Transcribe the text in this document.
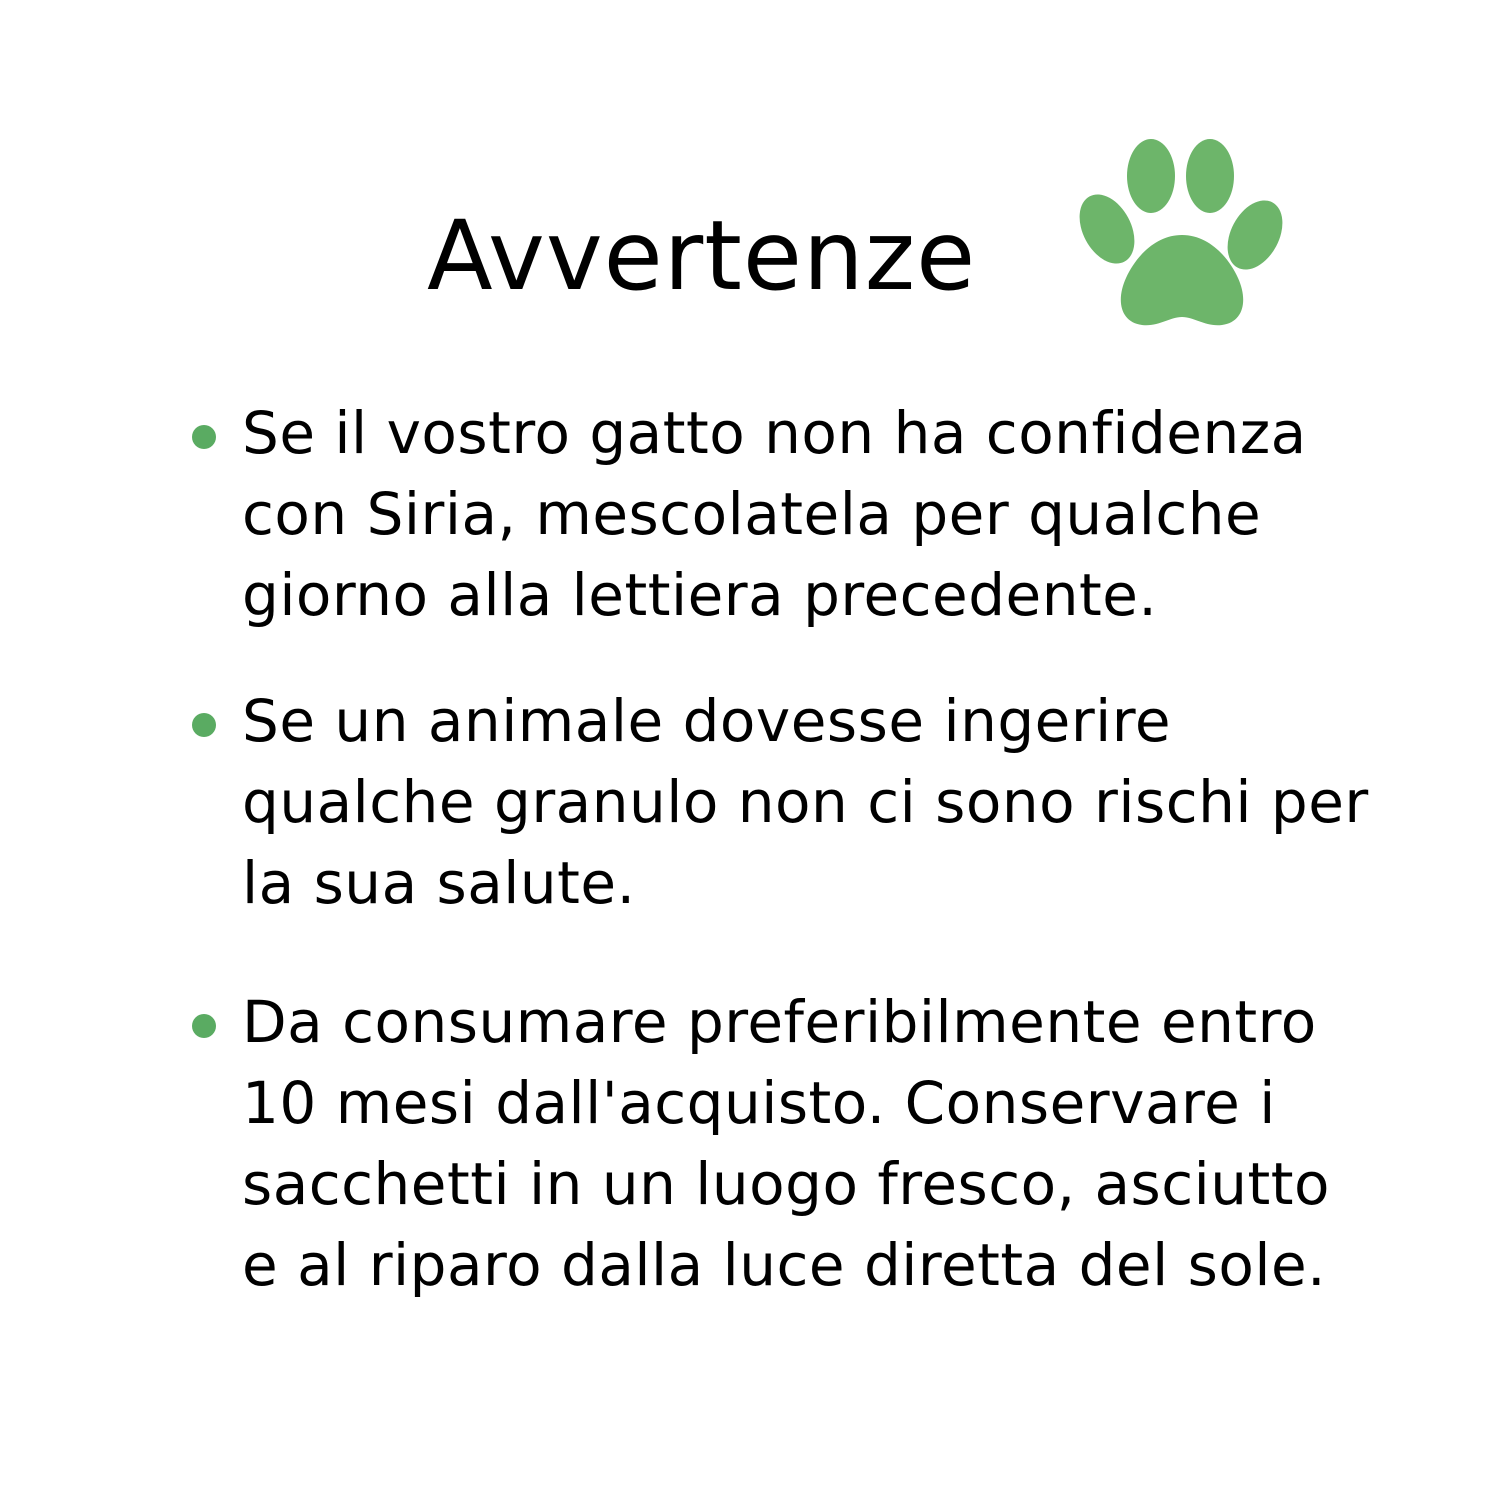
Avvertenze

Se il vostro gatto non ha confidenza
con Siria, mescolatela per qualche
giorno alla lettiera precedente.

Se un animale dovesse ingerire
qualche granulo non ci sono rischi per
la sua salute.

Da consumare preferibilmente entro
10 mesi dall'acquisto. Conservare i
sacchetti in un luogo fresco, asciutto
e al riparo dalla luce diretta del sole.
